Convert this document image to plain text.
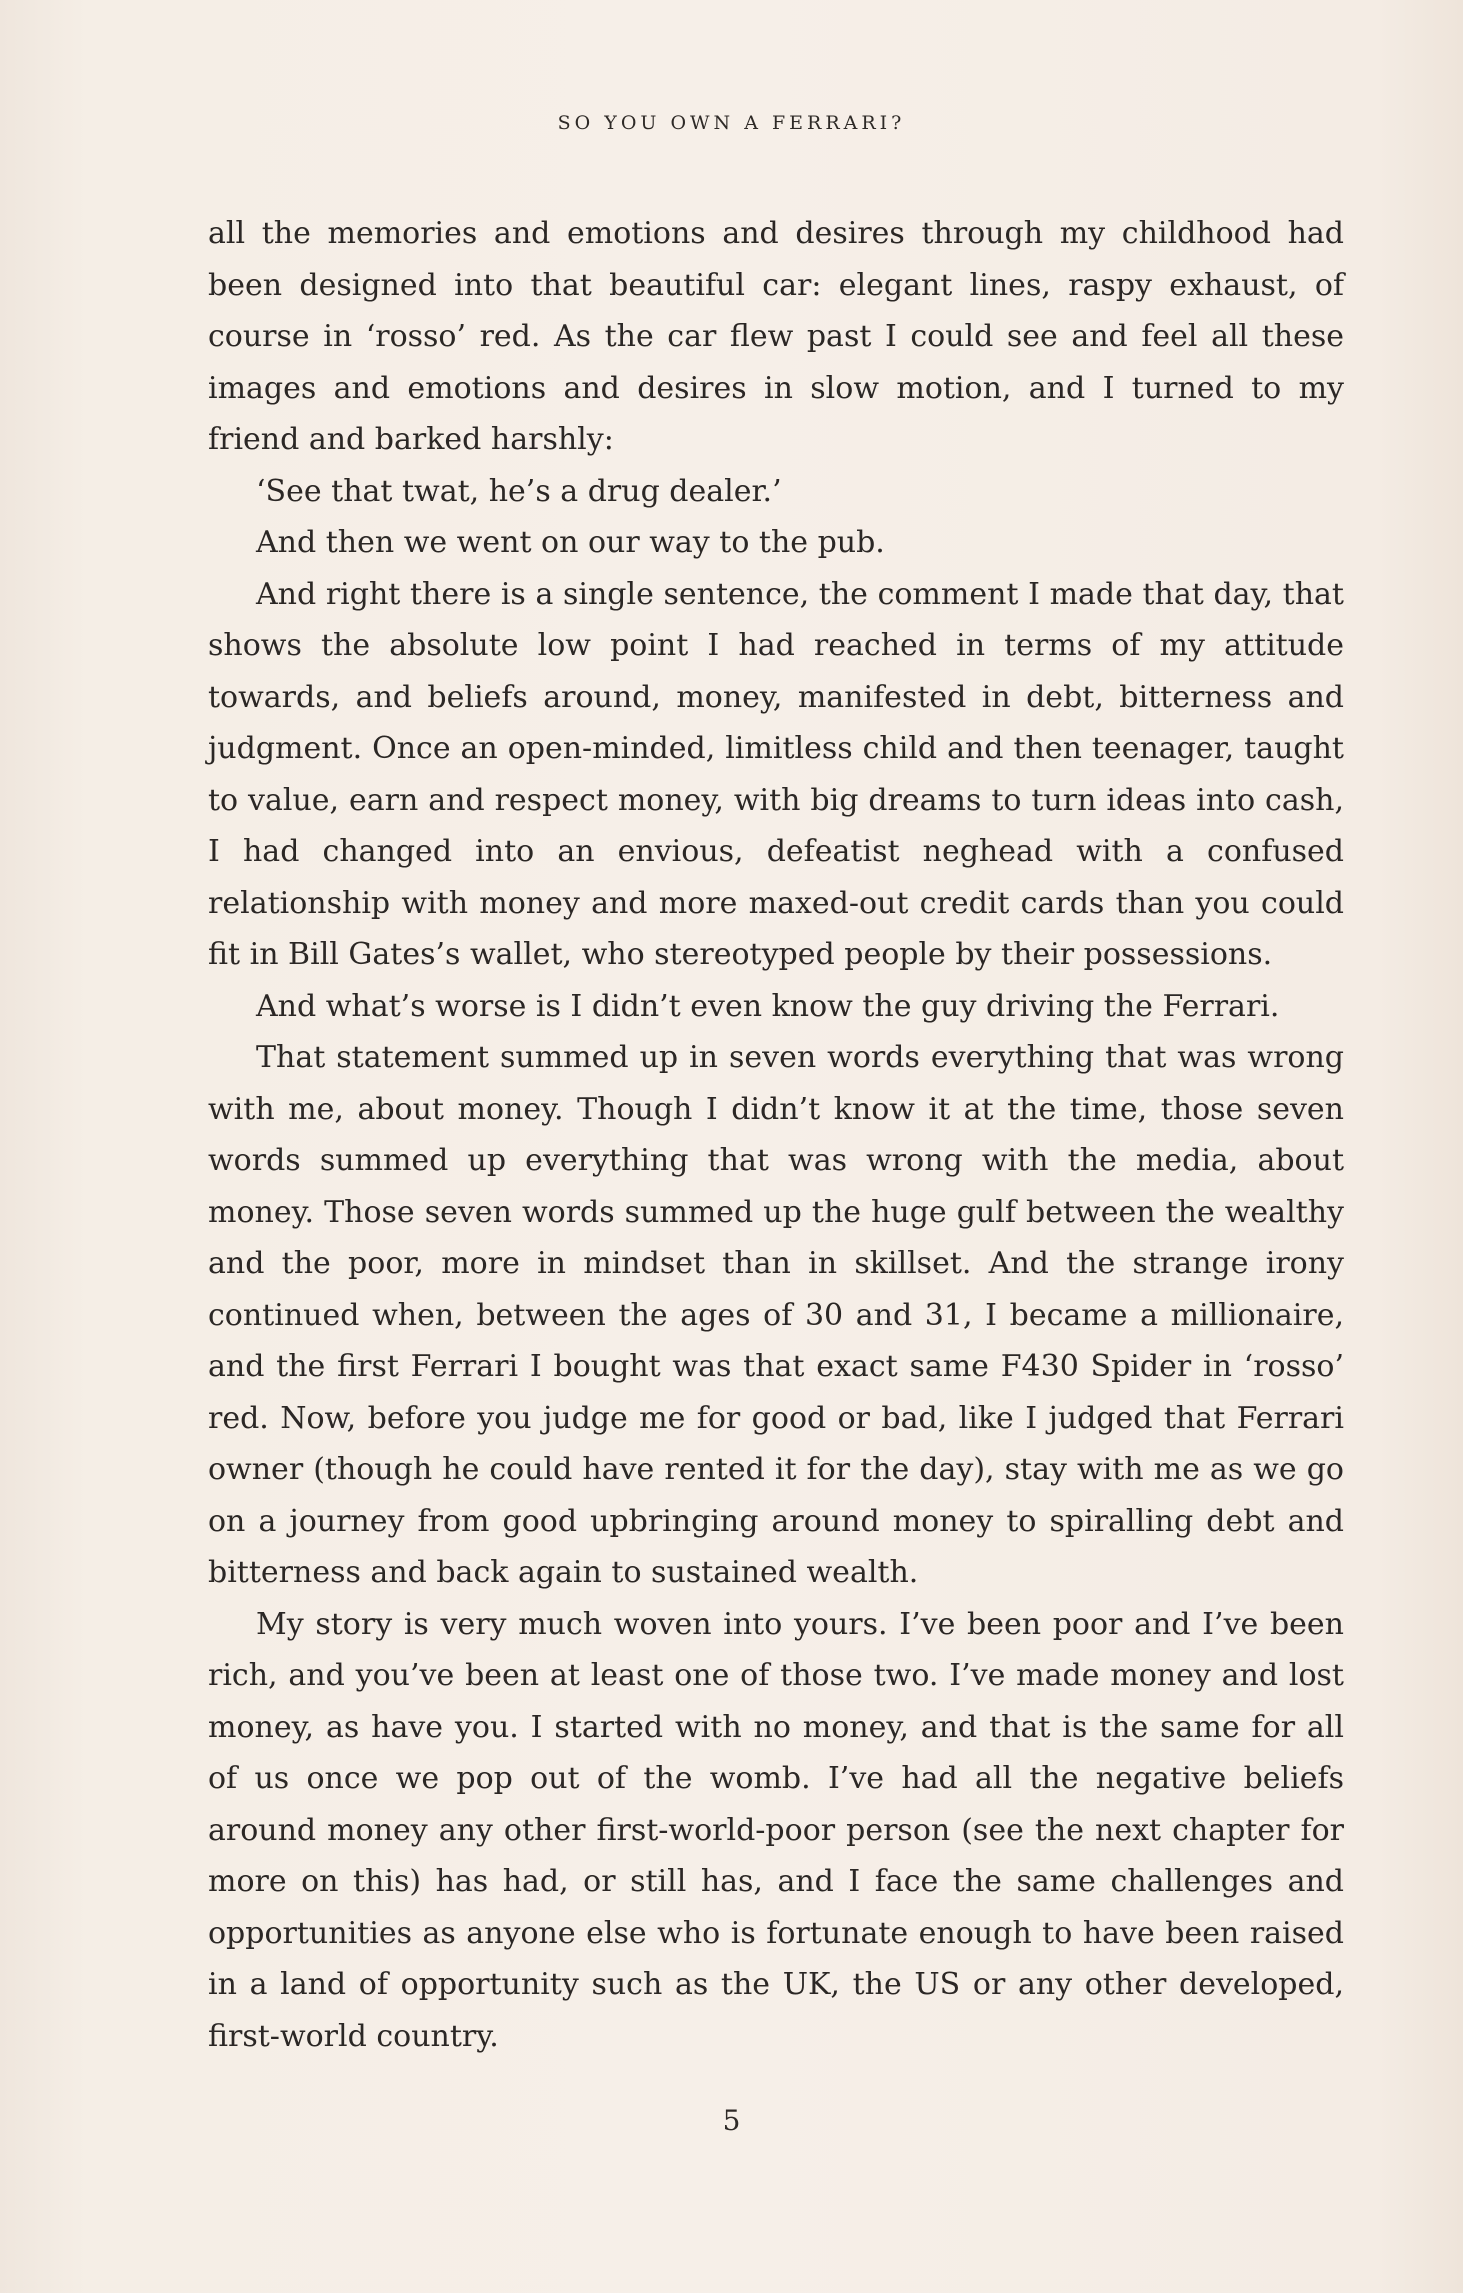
SO YOU OWN A FERRARI?

all the memories and emotions and desires through my childhood had been designed into that beautiful car: elegant lines, raspy exhaust, of course in ‘rosso’ red. As the car flew past I could see and feel all these images and emotions and desires in slow motion, and I turned to my friend and barked harshly:

‘See that twat, he’s a drug dealer.’

And then we went on our way to the pub.

And right there is a single sentence, the comment I made that day, that shows the absolute low point I had reached in terms of my attitude towards, and beliefs around, money, manifested in debt, bitterness and judgment. Once an open-minded, limitless child and then teenager, taught to value, earn and respect money, with big dreams to turn ideas into cash, I had changed into an envious, defeatist neghead with a confused relationship with money and more maxed-out credit cards than you could fit in Bill Gates’s wallet, who stereotyped people by their possessions.

And what’s worse is I didn’t even know the guy driving the Ferrari.

That statement summed up in seven words everything that was wrong with me, about money. Though I didn’t know it at the time, those seven words summed up everything that was wrong with the media, about money. Those seven words summed up the huge gulf between the wealthy and the poor, more in mindset than in skillset. And the strange irony continued when, between the ages of 30 and 31, I became a millionaire, and the first Ferrari I bought was that exact same F430 Spider in ‘rosso’ red. Now, before you judge me for good or bad, like I judged that Ferrari owner (though he could have rented it for the day), stay with me as we go on a journey from good upbringing around money to spiralling debt and bitterness and back again to sustained wealth.

My story is very much woven into yours. I’ve been poor and I’ve been rich, and you’ve been at least one of those two. I’ve made money and lost money, as have you. I started with no money, and that is the same for all of us once we pop out of the womb. I’ve had all the negative beliefs around money any other first-world-poor person (see the next chapter for more on this) has had, or still has, and I face the same challenges and opportunities as anyone else who is fortunate enough to have been raised in a land of opportunity such as the UK, the US or any other developed, first-world country.

5
